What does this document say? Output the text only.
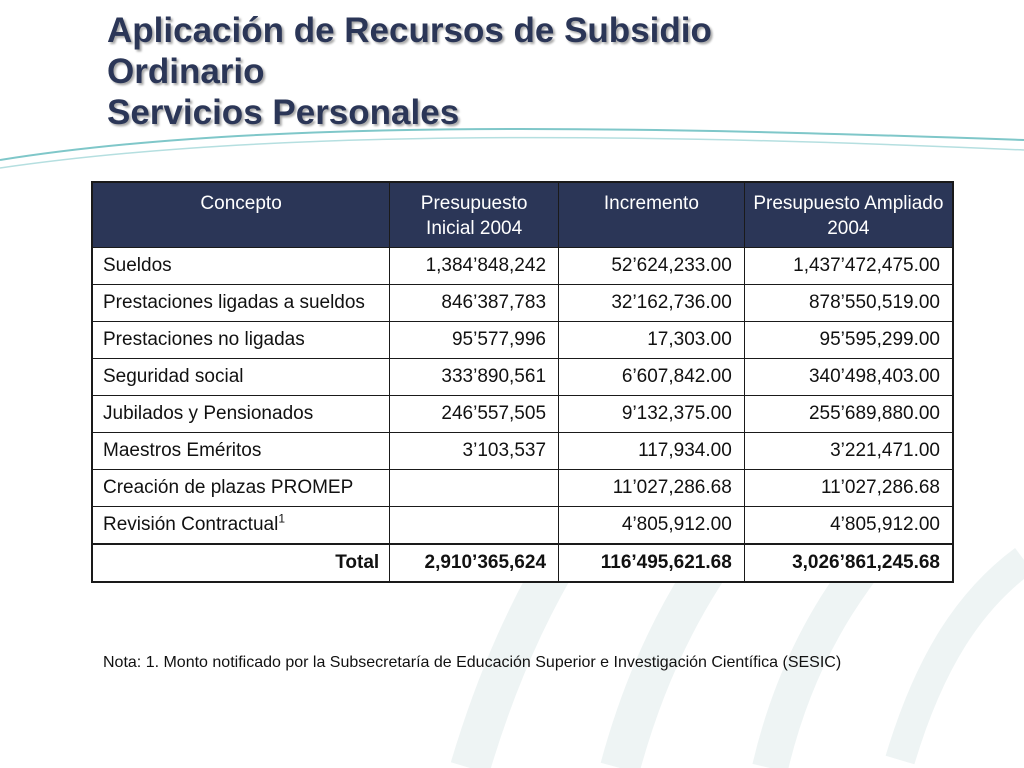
Aplicación de Recursos de Subsidio
Ordinario
Servicios Personales
Concepto	Presupuesto Inicial 2004	Incremento	Presupuesto Ampliado 2004
Sueldos	1,384’848,242	52’624,233.00	1,437’472,475.00
Prestaciones ligadas a sueldos	846’387,783	32’162,736.00	878’550,519.00
Prestaciones no ligadas	95’577,996	17,303.00	95’595,299.00
Seguridad social	333’890,561	6’607,842.00	340’498,403.00
Jubilados y Pensionados	246’557,505	9’132,375.00	255’689,880.00
Maestros Eméritos	3’103,537	117,934.00	3’221,471.00
Creación de plazas PROMEP		11’027,286.68	11’027,286.68
Revisión Contractual$^1$		4’805,912.00	4’805,912.00
Total	2,910’365,624	116’495,621.68	3,026’861,245.68

Nota: 1. Monto notificado por la Subsecretaría de Educación Superior e Investigación Científica (SESIC)
